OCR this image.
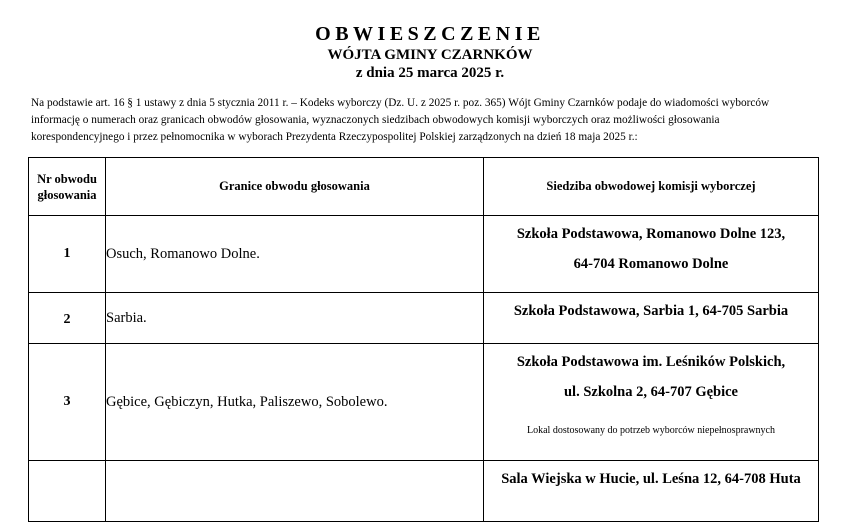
OBWIESZCZENIE
WÓJTA GMINY CZARNKÓW
z dnia 25 marca 2025 r.
Na podstawie art. 16 § 1 ustawy z dnia 5 stycznia 2011 r. – Kodeks wyborczy (Dz. U. z 2025 r. poz. 365) Wójt Gminy Czarnków podaje do wiadomości wyborców
informację o numerach oraz granicach obwodów głosowania, wyznaczonych siedzibach obwodowych komisji wyborczych oraz możliwości głosowania
korespondencyjnego i przez pełnomocnika w wyborach Prezydenta Rzeczypospolitej Polskiej zarządzonych na dzień 18 maja 2025 r.:
Nr obwodu
głosowania	Granice obwodu głosowania	Siedziba obwodowej komisji wyborczej
1	Osuch, Romanowo Dolne.	Szkoła Podstawowa, Romanowo Dolne 123,
64-704 Romanowo Dolne

2	Sarbia.	Szkoła Podstawowa, Sarbia 1, 64-705 Sarbia

3	Gębice, Gębiczyn, Hutka, Paliszewo, Sobolewo.	Szkoła Podstawowa im. Leśników Polskich,
ul. Szkolna 2, 64-707 Gębice
Lokal dostosowany do potrzeb wyborców niepełnosprawnych

		Sala Wiejska w Hucie, ul. Leśna 12, 64-708 Huta
